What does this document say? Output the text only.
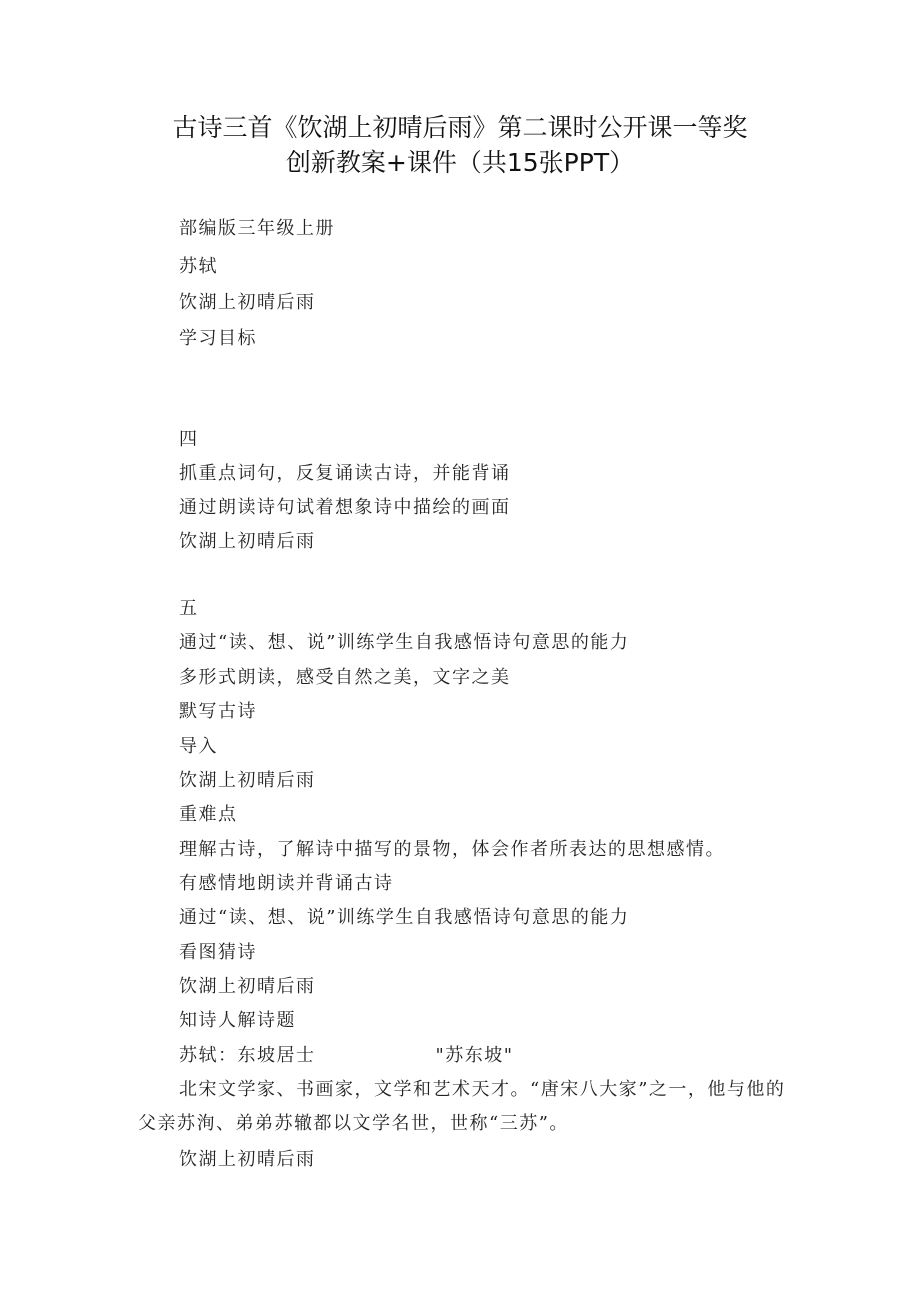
古诗三首《饮湖上初晴后雨》第二课时公开课一等奖
创新教案+课件（共15张PPT）
部编版三年级上册
苏轼
饮湖上初晴后雨
学习目标
四
抓重点词句，反复诵读古诗，并能背诵
通过朗读诗句试着想象诗中描绘的画面
饮湖上初晴后雨
五
通过“读、想、说”训练学生自我感悟诗句意思的能力
多形式朗读，感受自然之美，文字之美
默写古诗
导入
饮湖上初晴后雨
重难点
理解古诗，了解诗中描写的景物，体会作者所表达的思想感情。
有感情地朗读并背诵古诗
通过“读、想、说”训练学生自我感悟诗句意思的能力
看图猜诗
饮湖上初晴后雨
知诗人解诗题
苏轼：东坡居士	"苏东坡"
北宋文学家、书画家，文学和艺术天才。“唐宋八大家”之一，他与他的父亲苏洵、弟弟苏辙都以文学名世，世称“三苏”。
饮湖上初晴后雨
